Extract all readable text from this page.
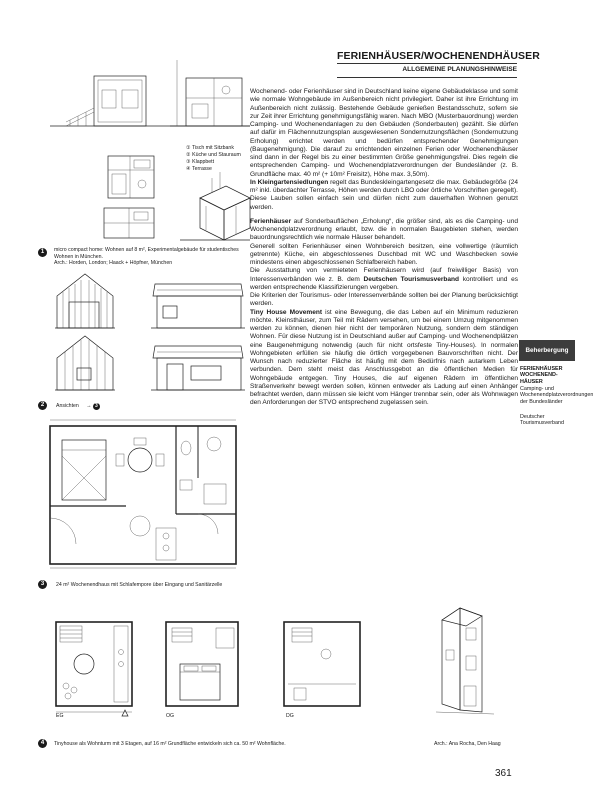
FERIENHÄUSER/WOCHENENDHÄUSER
ALLGEMEINE PLANUNGSHINWEISE

Wochenend- oder Ferienhäuser sind in Deutschland keine eigene Gebäudeklasse und somit wie normale Wohngebäude im Außenbereich nicht privilegiert. Daher ist ihre Errichtung im Außenbereich nicht zulässig. Bestehende Gebäude genießen Bestandsschutz, sofern sie zur Zeit ihrer Errichtung genehmigungsfähig waren. Nach MBO (Musterbauordnung) werden Camping- und Wochenendanlagen zu den Gebäuden (Sonderbauten) gezählt. Sie dürfen auf dafür im Flächennutzungsplan ausgewiesenen Sondernutzungsflächen (Sondernutzung Erholung) errichtet werden und bedürfen entsprechender Genehmigungen (Baugenehmigung). Die darauf zu errichtenden einzelnen Ferien oder Wochenendhäuser sind dann in der Regel bis zu einer bestimmten Größe genehmigungsfrei. Dies regeln die entsprechenden Camping- und Wochenendplatzverordnungen der Bundesländer (z. B. Grundfläche max. 40 m² (+ 10m² Freisitz), Höhe max. 3,50m).

In Kleingartensiedlungen regelt das Bundeskleingartengesetz die max. Gebäudegröße (24 m² inkl. überdachter Terrasse, Höhen werden durch LBO oder örtliche Vorschriften geregelt). Diese Lauben sollen einfach sein und dürfen nicht zum dauerhaften Wohnen genutzt werden.

Ferienhäuser auf Sonderbauflächen „Erholung“, die größer sind, als es die Camping- und Wochenendplatzverordnung erlaubt, bzw. die in normalen Baugebieten stehen, werden bauordnungsrechtlich wie normale Häuser behandelt.

Generell sollten Ferienhäuser einen Wohnbereich besitzen, eine vollwertige (räumlich getrennte) Küche, ein abgeschlossenes Duschbad mit WC und Waschbecken sowie mindestens einen abgeschlossenen Schlafbereich haben.

Die Ausstattung von vermieteten Ferienhäusern wird (auf freiwilliger Basis) von Interessenverbänden wie z. B. dem Deutschen Tourismusverband kontrolliert und es werden entsprechende Klassifizierungen vergeben.

Die Kriterien der Tourismus- oder Interessenverbände sollten bei der Planung berücksichtigt werden.

Tiny House Movement ist eine Bewegung, die das Leben auf ein Minimum reduzieren möchte. Kleinsthäuser, zum Teil mit Rädern versehen, um bei einem Umzug mitgenommen werden zu können, dienen hier nicht der temporären Nutzung, sondern dem ständigen Wohnen. Für diese Nutzung ist in Deutschland außer auf Camping- und Wochenendplätzen eine Baugenehmigung notwendig (auch für nicht ortsfeste Tiny-Houses). In normalen Wohngebieten erfüllen sie häufig die örtlich vorgegebenen Bauvorschriften nicht. Der Wunsch nach reduzierter Fläche ist häufig mit dem Bedürfnis nach autarkem Leben verbunden. Dem steht meist das Anschlussgebot an die öffentlichen Medien für Wohngebäude entgegen. Tiny Houses, die auf eigenen Rädern im öffentlichen Straßenverkehr bewegt werden sollen, können entweder als Ladung auf einen Anhänger befrachtet werden, dann müssen sie leicht vom Hänger trennbar sein, oder als Wohnwagen den Anforderungen der STVO entsprechend zugelassen sein.

Beherbergung
FERIENHÄUSER WOCHENEND-HÄUSER
Camping- und Wochenendplatzverordnungen der Bundesländer
Deutscher Tourismusverband
① Tisch mit Sitzbank
② Küche und Stauraum
③ Klappbett
④ Terrasse
1	micro compact home: Wohnen auf 8 m², Experimentalgebäude für studentisches Wohnen in München.
Arch.: Horden, London; Haack + Höpfner, München
2	Ansichten → 3
3	24 m² Wochenendhaus mit Schlafempore über Eingang und Sanitärzelle
EG	OG	DG
4	Tinyhouse als Wohnturm mit 3 Etagen, auf 16 m² Grundfläche entwickeln sich ca. 50 m² Wohnfläche.	Arch.: Ana Rocha, Den Haag
361
